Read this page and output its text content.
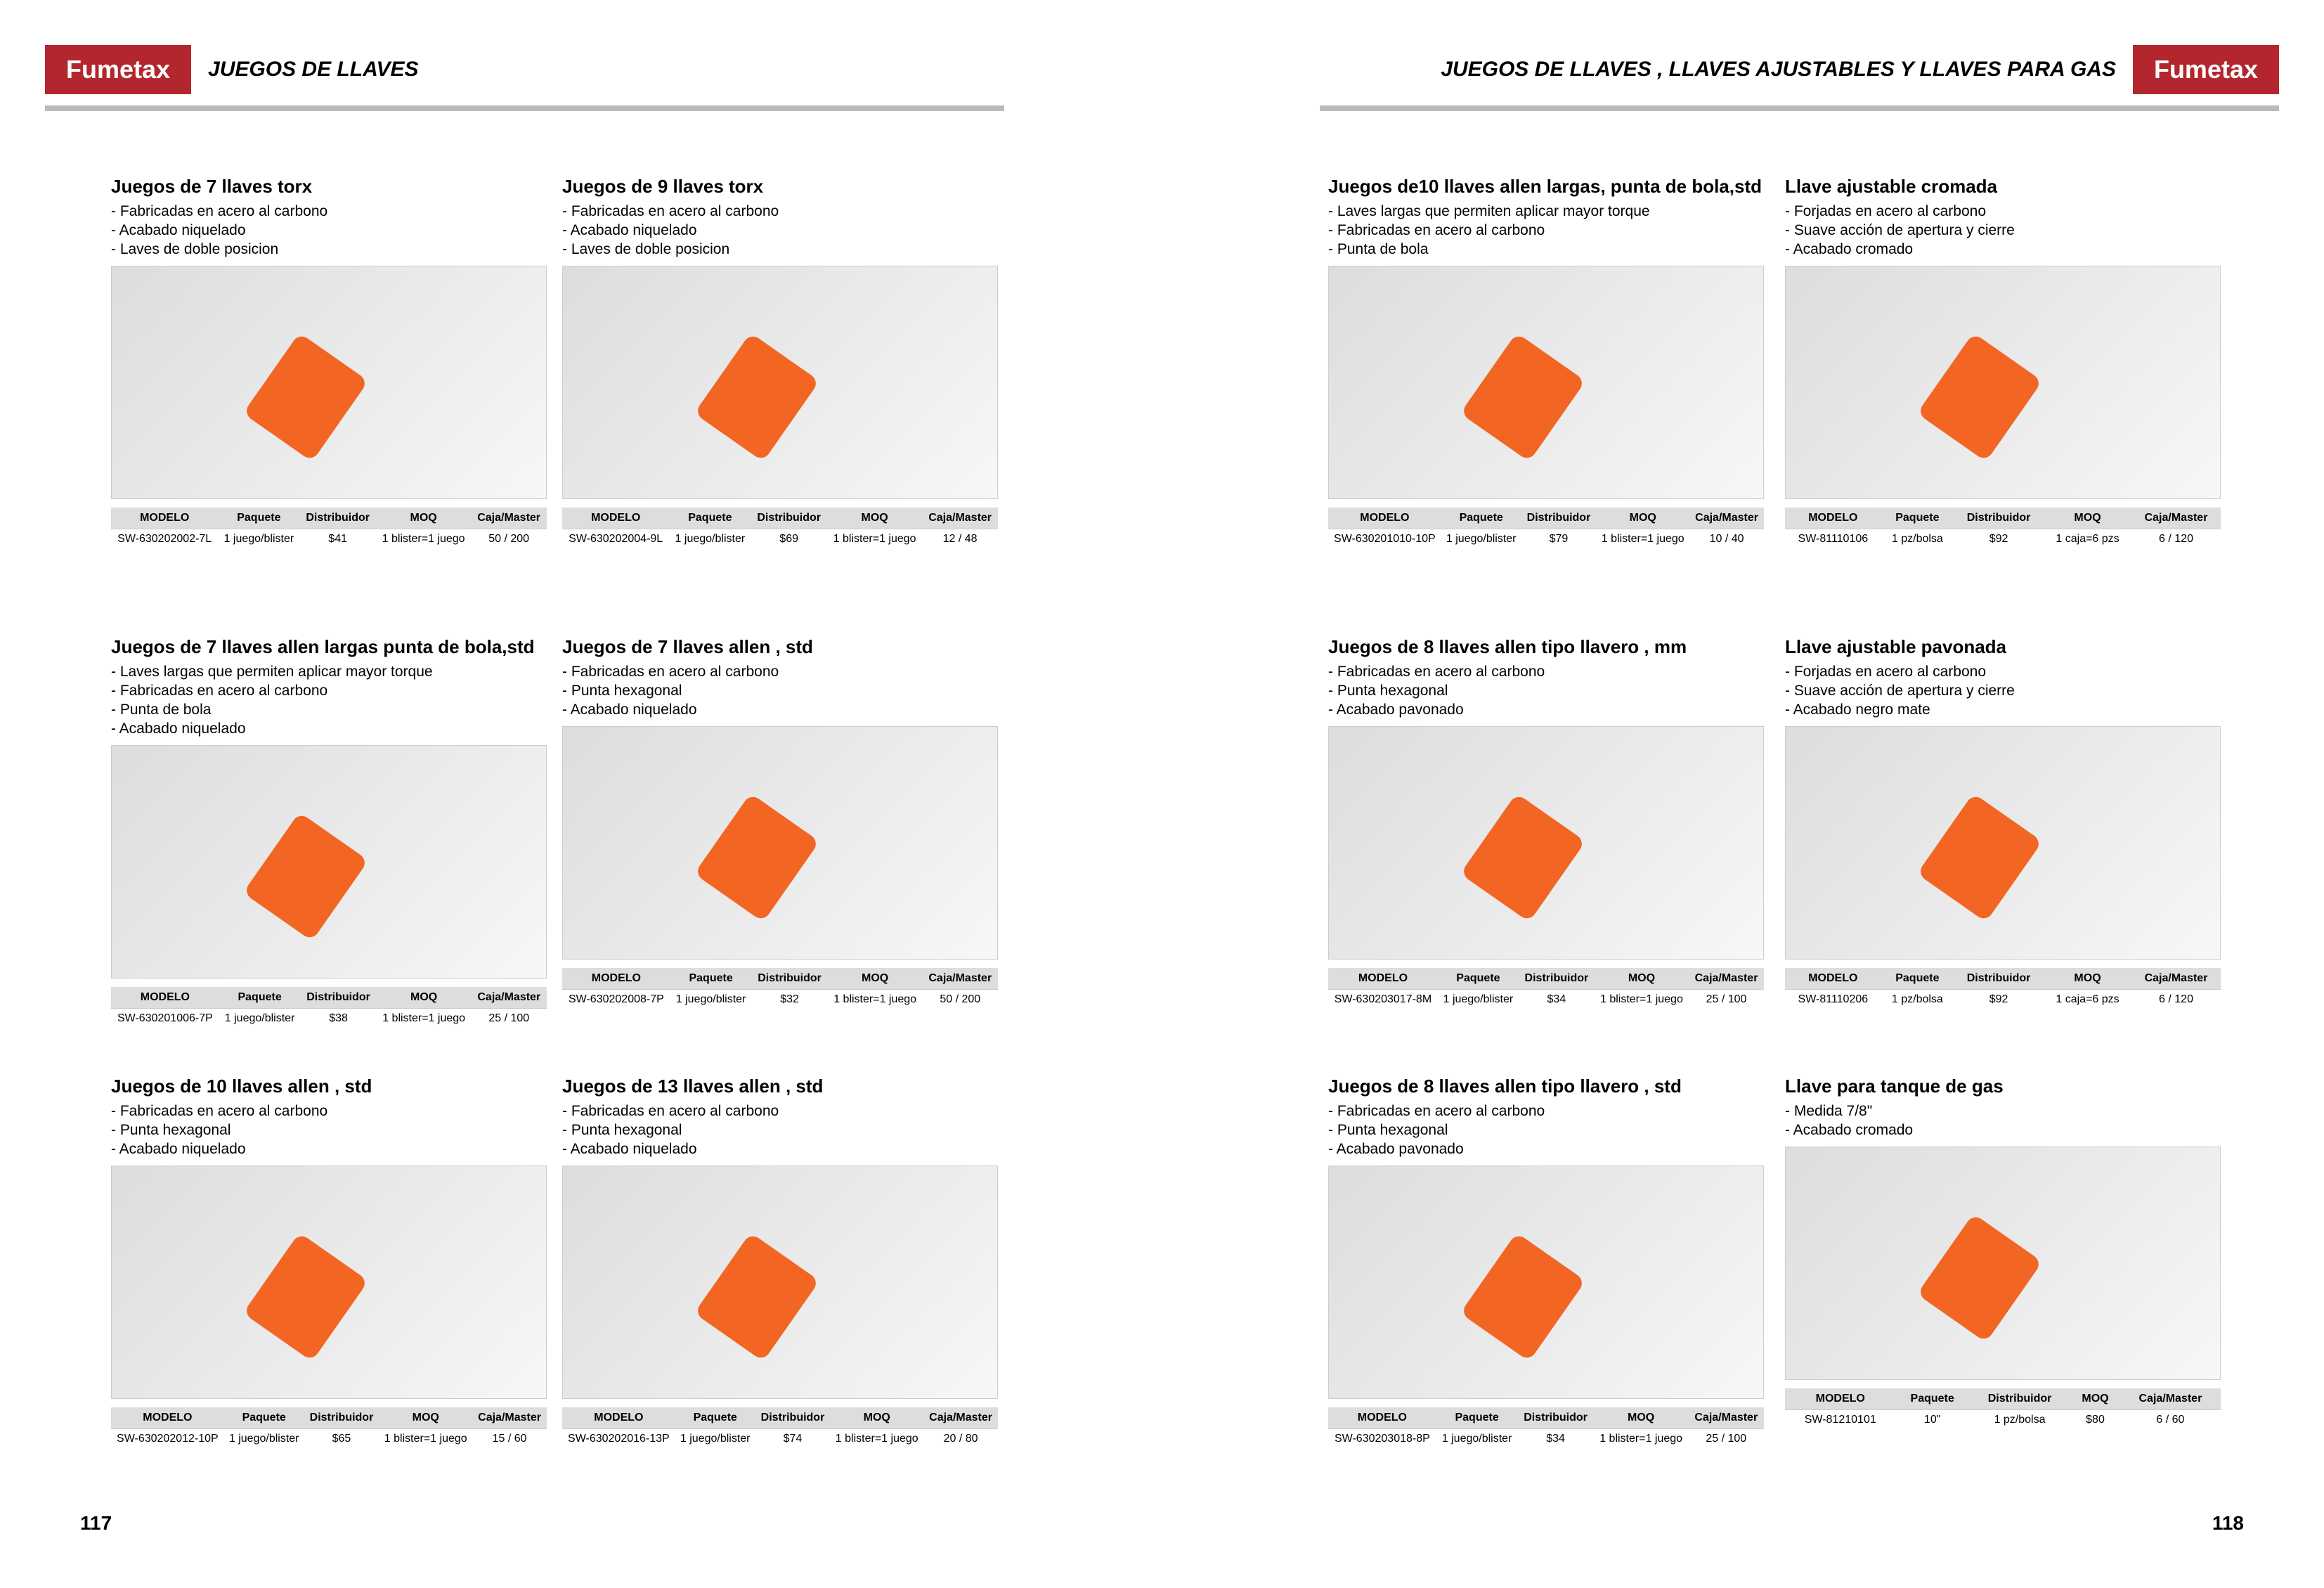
Fumetax	JUEGOS DE LLAVES	Fumetax
JUEGOS DE LLAVES , LLAVES AJUSTABLES Y LLAVES PARA GAS
Juegos de 7 llaves torx
- Fabricadas en acero al carbono
- Acabado niquelado
- Laves de doble posicion
MODELO	Paquete	Distribuidor	MOQ	Caja/Master
SW-630202002-7L	1 juego/blister	$41	1 blister=1 juego	50 / 200
Juegos de 9 llaves torx
- Fabricadas en acero al carbono
- Acabado niquelado
- Laves de doble posicion
MODELO	Paquete	Distribuidor	MOQ	Caja/Master
SW-630202004-9L	1 juego/blister	$69	1 blister=1 juego	12 / 48
Juegos de 7 llaves allen largas punta de bola,std
- Laves largas que permiten aplicar mayor torque
- Fabricadas en acero al carbono
- Punta de bola
- Acabado niquelado
MODELO	Paquete	Distribuidor	MOQ	Caja/Master
SW-630201006-7P	1 juego/blister	$38	1 blister=1 juego	25 / 100
Juegos de 7 llaves allen , std
- Fabricadas en acero al carbono
- Punta hexagonal
- Acabado niquelado
MODELO	Paquete	Distribuidor	MOQ	Caja/Master
SW-630202008-7P	1 juego/blister	$32	1 blister=1 juego	50 / 200
Juegos de 10 llaves allen , std
- Fabricadas en acero al carbono
- Punta hexagonal
- Acabado niquelado
MODELO	Paquete	Distribuidor	MOQ	Caja/Master
SW-630202012-10P	1 juego/blister	$65	1 blister=1 juego	15 / 60
Juegos de 13 llaves allen , std
- Fabricadas en acero al carbono
- Punta hexagonal
- Acabado niquelado
MODELO	Paquete	Distribuidor	MOQ	Caja/Master
SW-630202016-13P	1 juego/blister	$74	1 blister=1 juego	20 / 80
Juegos de10 llaves allen largas, punta de bola,std
- Laves largas que permiten aplicar mayor torque
- Fabricadas en acero al carbono
- Punta de bola
MODELO	Paquete	Distribuidor	MOQ	Caja/Master
SW-630201010-10P	1 juego/blister	$79	1 blister=1 juego	10 / 40
Llave ajustable cromada
- Forjadas en acero al carbono
- Suave acción de apertura y cierre
- Acabado cromado
MODELO	Paquete	Distribuidor	MOQ	Caja/Master
SW-81110106	1 pz/bolsa	$92	1 caja=6 pzs	6 / 120
Juegos de 8 llaves allen tipo llavero , mm
- Fabricadas en acero al carbono
- Punta hexagonal
- Acabado pavonado
MODELO	Paquete	Distribuidor	MOQ	Caja/Master
SW-630203017-8M	1 juego/blister	$34	1 blister=1 juego	25 / 100
Llave ajustable pavonada
- Forjadas en acero al carbono
- Suave acción de apertura y cierre
- Acabado negro mate
MODELO	Paquete	Distribuidor	MOQ	Caja/Master
SW-81110206	1 pz/bolsa	$92	1 caja=6 pzs	6 / 120
Juegos de 8 llaves allen tipo llavero , std
- Fabricadas en acero al carbono
- Punta hexagonal
- Acabado pavonado
MODELO	Paquete	Distribuidor	MOQ	Caja/Master
SW-630203018-8P	1 juego/blister	$34	1 blister=1 juego	25 / 100
Llave para tanque de gas
- Medida 7/8"
- Acabado cromado
MODELO	Paquete	Distribuidor	MOQ	Caja/Master
SW-81210101	10"	1 pz/bolsa	$80	6 / 60
117	118
